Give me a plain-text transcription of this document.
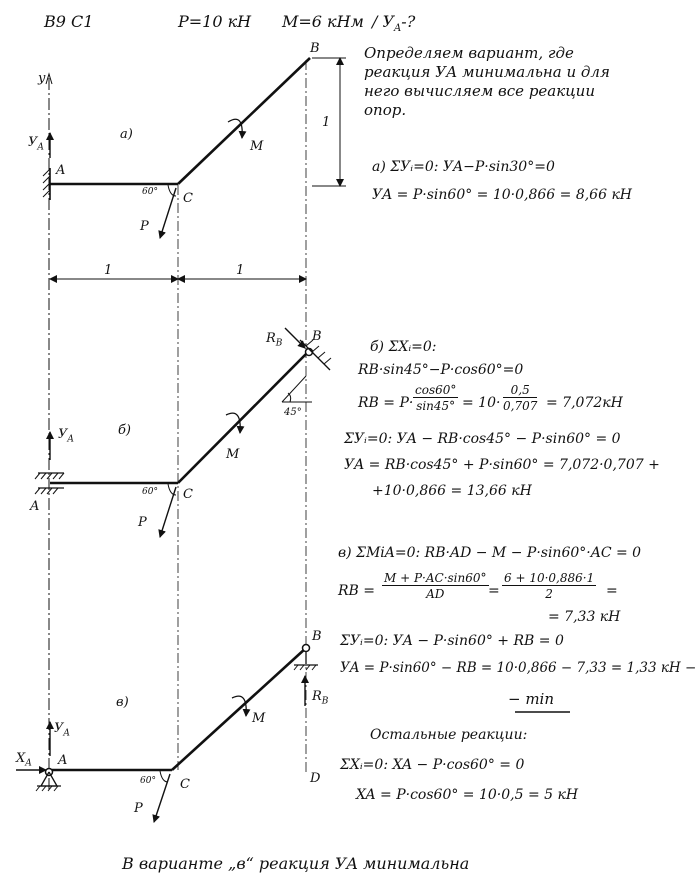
В9 С1	P=10 кН M=6 кНм / $У_A-$?
Определяем вариант, где реакция УА минимальна и для него вычисляем все реакции опор.
y
$У_A$
а)
A
B
C
M
P
60°
1
1	1
$У_A$
б)
A
B
C
M
P
$R_B$
60°
45°
$У_A$
$X_A$
в)
A
B
C	D
M
P
$R_B$
60°
а) ΣУᵢ=0: УA−P·sin30°=0
УA = P·sin60° = 10·0,866 = 8,66 кН
б) ΣXᵢ=0:
RB·sin45°−P·cos60°=0
RB = $P\cdot \frac{\cos 60^\circ}{\sin 45^\circ} = 10\cdot \frac{0,5}{0,707} = 7,072кН$
ΣУᵢ=0: УA − RB·cos45° − P·sin60° = 0
УA = RB·cos45° + P·sin60° = 7,072·0,707 +
+10·0,866 = 13,66 кН
в) ΣMiA=0: RB·AD − M − P·sin60°·AC = 0
RB = $\frac{M + P\cdot AC\cdot\sin 60^\circ}{AD} = \frac{6 + 10\cdot 0,886\cdot 1}{2}$ =
= 7,33 кН
ΣУᵢ=0: УA − P·sin60° + RB = 0
УA = P·sin60° − RB = 10·0,866 − 7,33 = 1,33 кН −
− min
Остальные реакции:
ΣXᵢ=0: XA − P·cos60° = 0
XA = P·cos60° = 10·0,5 = 5 кН
В варианте „в“ реакция УA минимальна
